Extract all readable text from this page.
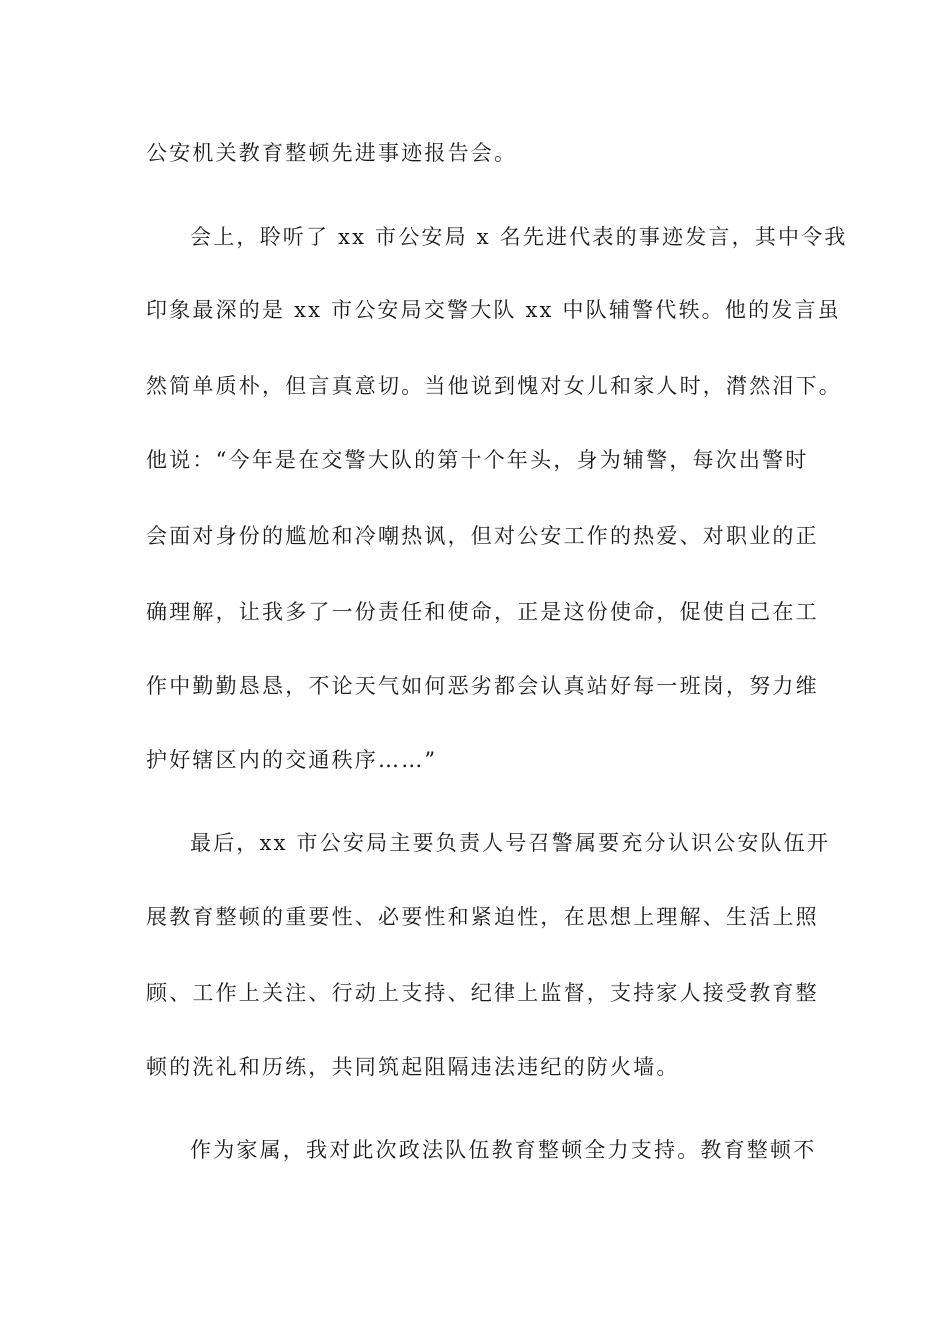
公安机关教育整顿先进事迹报告会。
会上，聆听了 xx 市公安局 x 名先进代表的事迹发言，其中令我
印象最深的是 xx 市公安局交警大队 xx 中队辅警代轶。他的发言虽
然简单质朴，但言真意切。当他说到愧对女儿和家人时，潸然泪下。
他说：“今年是在交警大队的第十个年头，身为辅警，每次出警时
会面对身份的尴尬和冷嘲热讽，但对公安工作的热爱、对职业的正
确理解，让我多了一份责任和使命，正是这份使命，促使自己在工
作中勤勤恳恳，不论天气如何恶劣都会认真站好每一班岗，努力维
护好辖区内的交通秩序……”
最后，xx 市公安局主要负责人号召警属要充分认识公安队伍开
展教育整顿的重要性、必要性和紧迫性，在思想上理解、生活上照
顾、工作上关注、行动上支持、纪律上监督，支持家人接受教育整
顿的洗礼和历练，共同筑起阻隔违法违纪的防火墙。
作为家属，我对此次政法队伍教育整顿全力支持。教育整顿不
